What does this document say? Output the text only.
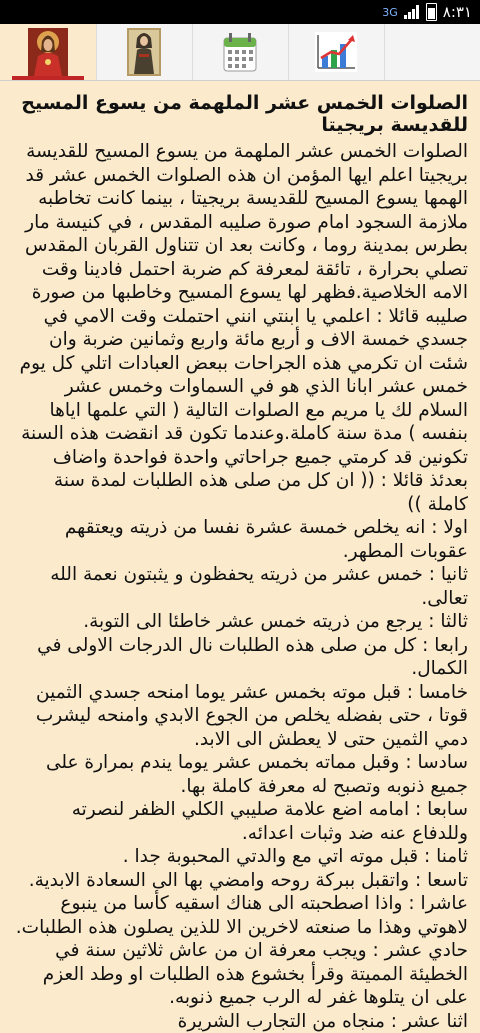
3G	٨:٣١
الصلوات الخمس عشر الملهمة من يسوع المسيح للقديسة بريجيتا
الصلوات الخمس عشر الملهمة من يسوع المسيح للقديسة بريجيتا اعلم ايها المؤمن ان هذه الصلوات الخمس عشر قد الهمها يسوع المسيح للقديسة بريجيتا ، بينما كانت تخاطبه ملازمة السجود امام صورة صليبه المقدس ، في كنيسة مار بطرس بمدينة روما ، وكانت بعد ان تتناول القربان المقدس تصلي بحرارة ، تائقة لمعرفة كم ضربة احتمل فادينا وقت الامه الخلاصية.فظهر لها يسوع المسيح وخاطبها من صورة صليبه قائلا : اعلمي يا ابنتي انني احتملت وقت الامي في جسدي خمسة الاف و أربع مائة واربع وثمانين ضربة وان شئت ان تكرمي هذه الجراحات ببعض العبادات اتلي كل يوم خمس عشر ابانا الذي هو في السماوات وخمس عشر السلام لك يا مريم مع الصلوات التالية ( التي علمها اياها بنفسه ) مدة سنة كاملة.وعندما تكون قد انقضت هذه السنة تكونين قد كرمتي جميع جراحاتي واحدة فواحدة واضاف بعدئذ قائلا : (( ان كل من صلى هذه الطلبات لمدة سنة كاملة ))
اولا : انه يخلص خمسة عشرة نفسا من ذريته ويعتقهم عقوبات المطهر.
ثانيا : خمس عشر من ذريته يحفظون و يثبتون نعمة الله تعالى.
ثالثا : يرجع من ذريته خمس عشر خاطئا الى التوبة.
رابعا : كل من صلى هذه الطلبات نال الدرجات الاولى في الكمال.
خامسا : قبل موته بخمس عشر يوما امنحه جسدي الثمين قوتا ، حتى بفضله يخلص من الجوع الابدي وامنحه ليشرب دمي الثمين حتى لا يعطش الى الابد.
سادسا : وقبل مماته بخمس عشر يوما يندم بمرارة على جميع ذنوبه وتصبح له معرفة كاملة بها.
سابعا : امامه اضع علامة صليبي الكلي الظفر لنصرته وللدفاع عنه ضد وثبات اعدائه.
ثامنا : قبل موته اتي مع والدتي المحبوبة جدا .
تاسعا : واتقبل ببركة روحه وامضي بها الى السعادة الابدية.
عاشرا : واذا اصطحبته الى هناك اسقيه كأسا من ينبوع لاهوتي وهذا ما صنعته لاخرين الا للذين يصلون هذه الطلبات.
حادي عشر : ويجب معرفة ان من عاش ثلاثين سنة في الخطيئة المميتة وقرأ بخشوع هذه الطلبات او وطد العزم على ان يتلوها غفر له الرب جميع ذنوبه.
اثنا عشر : منجاه من التجارب الشريرة
